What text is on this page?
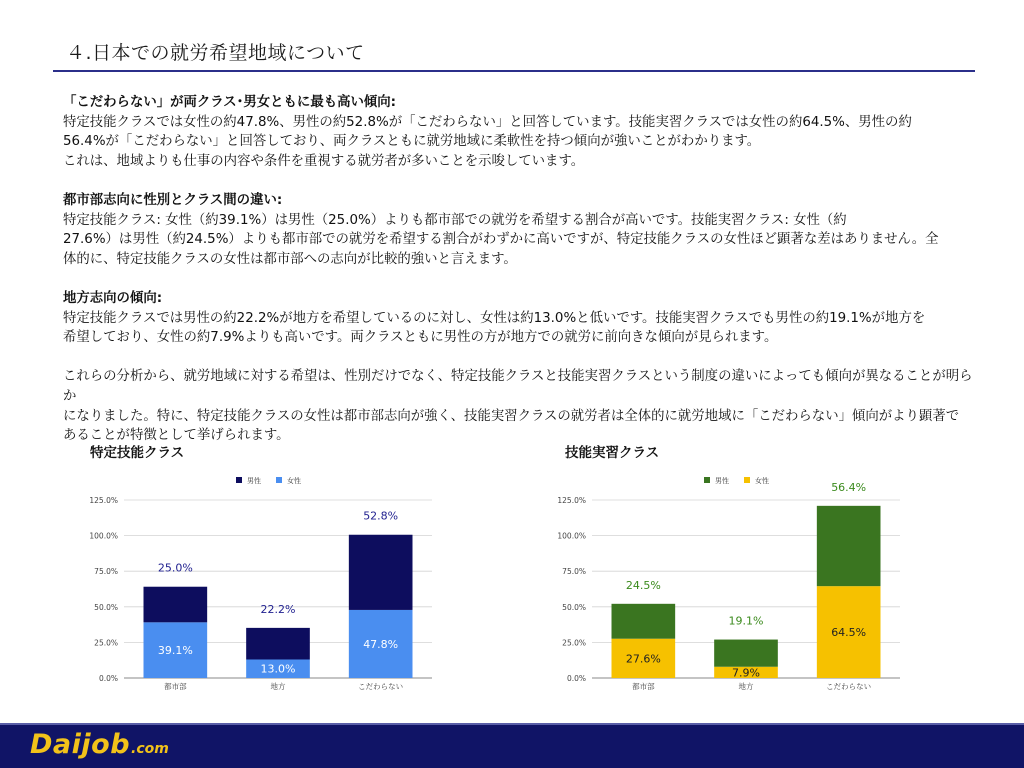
４.日本での就労希望地域について
「こだわらない」が両クラス･男女ともに最も高い傾向:
特定技能クラスでは女性の約47.8%、男性の約52.8%が「こだわらない」と回答しています。技能実習クラスでは女性の約64.5%、男性の約
56.4%が「こだわらない」と回答しており、両クラスともに就労地域に柔軟性を持つ傾向が強いことがわかります。
これは、地域よりも仕事の内容や条件を重視する就労者が多いことを示唆しています。
都市部志向に性別とクラス間の違い:
特定技能クラス: 女性（約39.1%）は男性（25.0%）よりも都市部での就労を希望する割合が高いです。技能実習クラス: 女性（約
27.6%）は男性（約24.5%）よりも都市部での就労を希望する割合がわずかに高いですが、特定技能クラスの女性ほど顕著な差はありません。全
体的に、特定技能クラスの女性は都市部への志向が比較的強いと言えます。
地方志向の傾向:
特定技能クラスでは男性の約22.2%が地方を希望しているのに対し、女性は約13.0%と低いです。技能実習クラスでも男性の約19.1%が地方を
希望しており、女性の約7.9%よりも高いです。両クラスともに男性の方が地方での就労に前向きな傾向が見られます。
これらの分析から、就労地域に対する希望は、性別だけでなく、特定技能クラスと技能実習クラスという制度の違いによっても傾向が異なることが明らか
になりました。特に、特定技能クラスの女性は都市部志向が強く、技能実習クラスの就労者は全体的に就労地域に「こだわらない」傾向がより顕著で
あることが特徴として挙げられます。
特定技能クラス	技能実習クラス
0.0%
25.0%
50.0%
75.0%
100.0%
125.0%
男性	女性
39.1%
25.0%
都市部
13.0%
22.2%
地方
47.8%
52.8%
こだわらない
0.0%
25.0%
50.0%
75.0%
100.0%
125.0%
男性	女性
27.6%
24.5%
都市部
7.9%
19.1%
地方
64.5%
56.4%
こだわらない
Daijob .com
